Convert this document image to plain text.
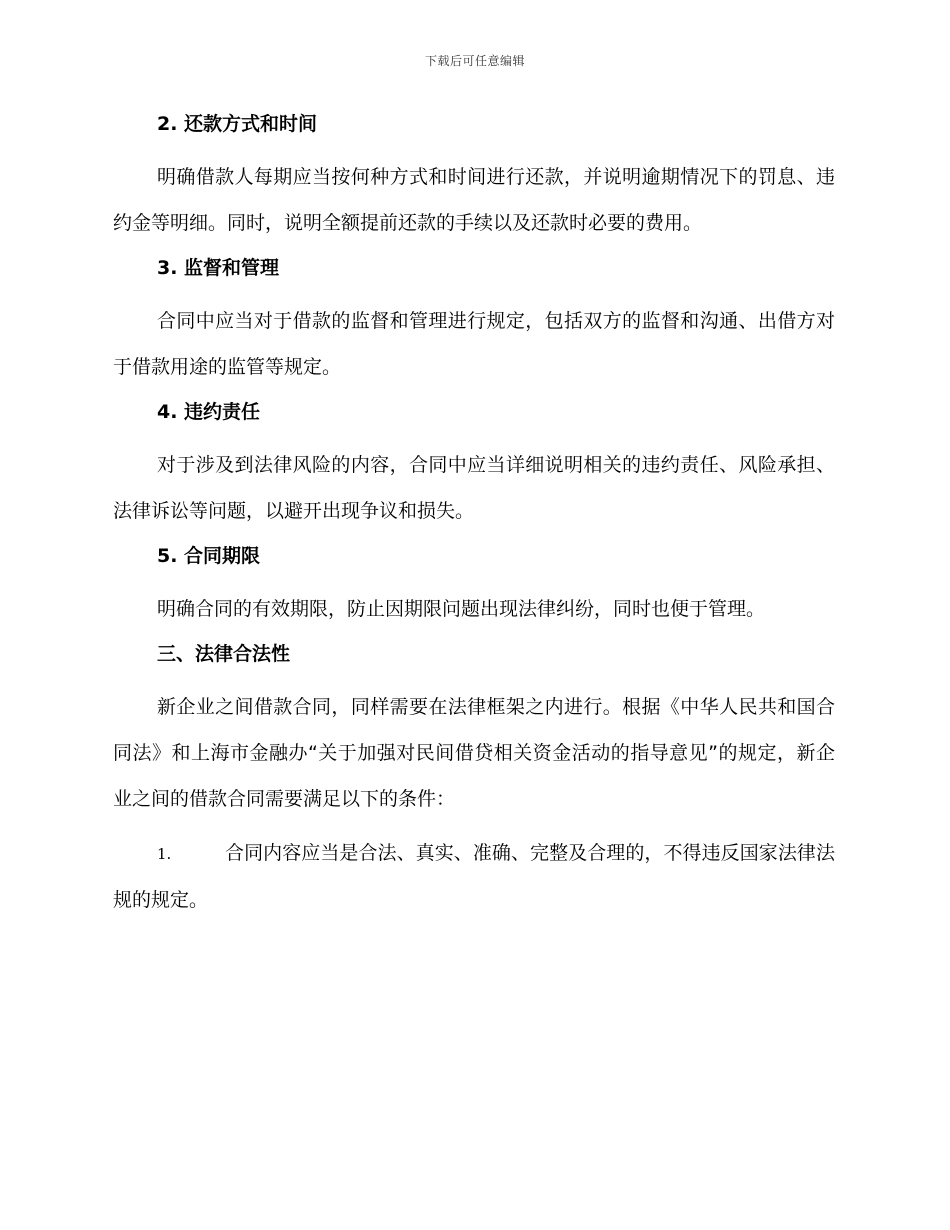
下载后可任意编辑
2. 还款方式和时间

明确借款人每期应当按何种方式和时间进行还款，并说明逾期情况下的罚息、违约金等明细。同时，说明全额提前还款的手续以及还款时必要的费用。

3. 监督和管理

合同中应当对于借款的监督和管理进行规定，包括双方的监督和沟通、出借方对于借款用途的监管等规定。

4. 违约责任

对于涉及到法律风险的内容，合同中应当详细说明相关的违约责任、风险承担、法律诉讼等问题，以避开出现争议和损失。

5. 合同期限

明确合同的有效期限，防止因期限问题出现法律纠纷，同时也便于管理。

三、法律合法性

新企业之间借款合同，同样需要在法律框架之内进行。根据《中华人民共和国合同法》和上海市金融办“关于加强对民间借贷相关资金活动的指导意见”的规定，新企业之间的借款合同需要满足以下的条件：

1.	合同内容应当是合法、真实、准确、完整及合理的，不得违反国家法律法规的规定。
